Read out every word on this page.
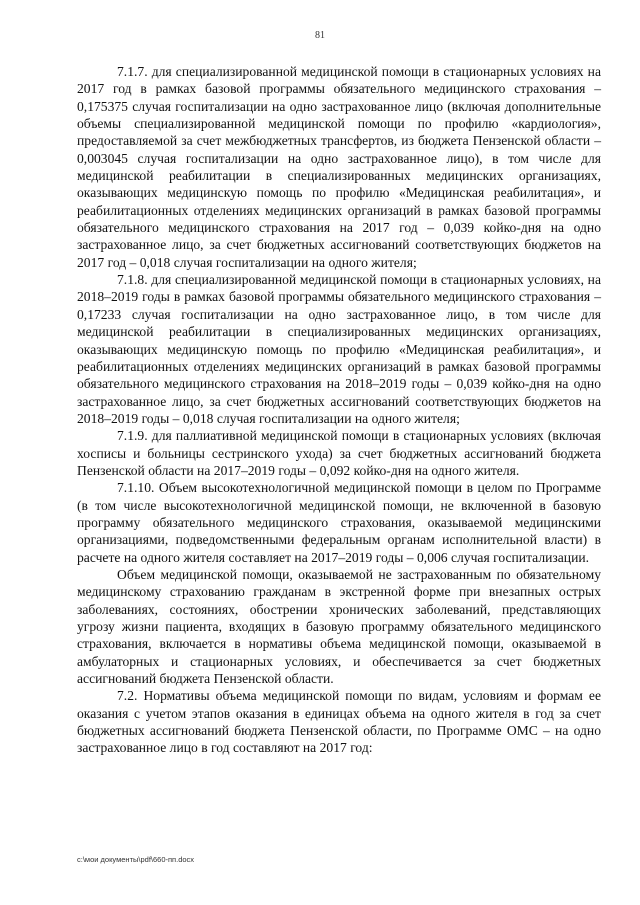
81

7.1.7. для специализированной медицинской помощи в стационарных условиях на 2017 год в рамках базовой программы обязательного медицинского страхования – 0,175375 случая госпитализации на одно застрахованное лицо (включая дополнительные объемы специализированной медицинской помощи по профилю «кардиология», предоставляемой за счет межбюджетных трансфертов, из бюджета Пензенской области – 0,003045 случая госпитализации на одно застрахованное лицо), в том числе для медицинской реабилитации в специализированных медицинских организациях, оказывающих медицинскую помощь по профилю «Медицинская реабилитация», и реабилитационных отделениях медицинских организаций в рамках базовой программы обязательного медицинского страхования на 2017 год – 0,039 койко-дня на одно застрахованное лицо, за счет бюджетных ассигнований соответствующих бюджетов на 2017 год – 0,018 случая госпитализации на одного жителя;

7.1.8. для специализированной медицинской помощи в стационарных условиях, на 2018–2019 годы в рамках базовой программы обязательного медицинского страхования – 0,17233 случая госпитализации на одно застрахованное лицо, в том числе для медицинской реабилитации в специализированных медицинских организациях, оказывающих медицинскую помощь по профилю «Медицинская реабилитация», и реабилитационных отделениях медицинских организаций в рамках базовой программы обязательного медицинского страхования на 2018–2019 годы – 0,039 койко-дня на одно застрахованное лицо, за счет бюджетных ассигнований соответствующих бюджетов на 2018–2019 годы – 0,018 случая госпитализации на одного жителя;

7.1.9. для паллиативной медицинской помощи в стационарных условиях (включая хосписы и больницы сестринского ухода) за счет бюджетных ассигнований бюджета Пензенской области на 2017–2019 годы – 0,092 койко-дня на одного жителя.

7.1.10. Объем высокотехнологичной медицинской помощи в целом по Программе (в том числе высокотехнологичной медицинской помощи, не включенной в базовую программу обязательного медицинского страхования, оказываемой медицинскими организациями, подведомственными федеральным органам исполнительной власти) в расчете на одного жителя составляет на 2017–2019 годы – 0,006 случая госпитализации.

Объем медицинской помощи, оказываемой не застрахованным по обязательному медицинскому страхованию гражданам в экстренной форме при внезапных острых заболеваниях, состояниях, обострении хронических заболеваний, представляющих угрозу жизни пациента, входящих в базовую программу обязательного медицинского страхования, включается в нормативы объема медицинской помощи, оказываемой в амбулаторных и стационарных условиях, и обеспечивается за счет бюджетных ассигнований бюджета Пензенской области.

7.2. Нормативы объема медицинской помощи по видам, условиям и формам ее оказания с учетом этапов оказания в единицах объема на одного жителя в год за счет бюджетных ассигнований бюджета Пензенской области, по Программе ОМС – на одно застрахованное лицо в год составляют на 2017 год:

c:\мои документы\pdf\660-пп.docx
